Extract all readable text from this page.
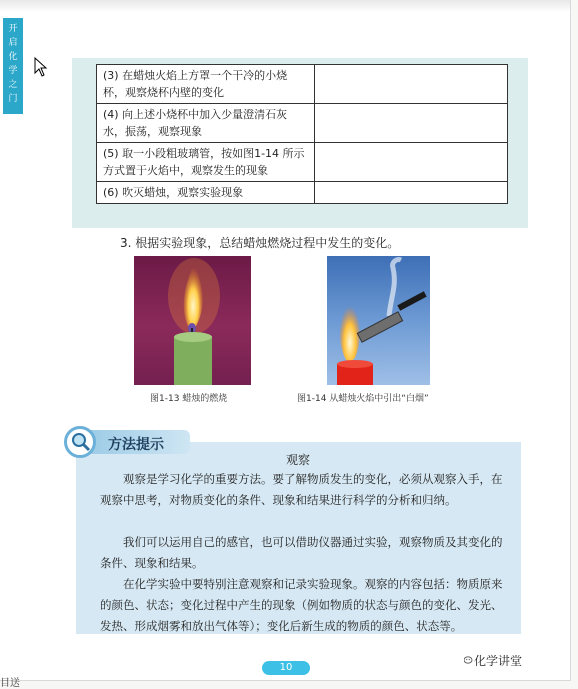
开
启
化
学
之
门
(3) 在蜡烛火焰上方罩一个干冷的小烧杯，观察烧杯内壁的变化	
(4) 向上述小烧杯中加入少量澄清石灰水，振荡，观察现象	
(5) 取一小段粗玻璃管，按如图1-14 所示方式置于火焰中，观察发生的现象	
(6) 吹灭蜡烛，观察实验现象	
3. 根据实验现象，总结蜡烛燃烧过程中发生的变化。
图1-13 蜡烛的燃烧	图1-14 从蜡烛火焰中引出“白烟”
方法提示
观察

观察是学习化学的重要方法。要了解物质发生的变化，必须从观察入手，在观察中思考，对物质变化的条件、现象和结果进行科学的分析和归纳。

我们可以运用自己的感官，也可以借助仪器通过实验，观察物质及其变化的条件、现象和结果。

在化学实验中要特别注意观察和记录实验现象。观察的内容包括：物质原来的颜色、状态；变化过程中产生的现象（例如物质的状态与颜色的变化、发光、发热、形成烟雾和放出气体等）；变化后新生成的物质的颜色、状态等。

10	化学讲堂
目送
